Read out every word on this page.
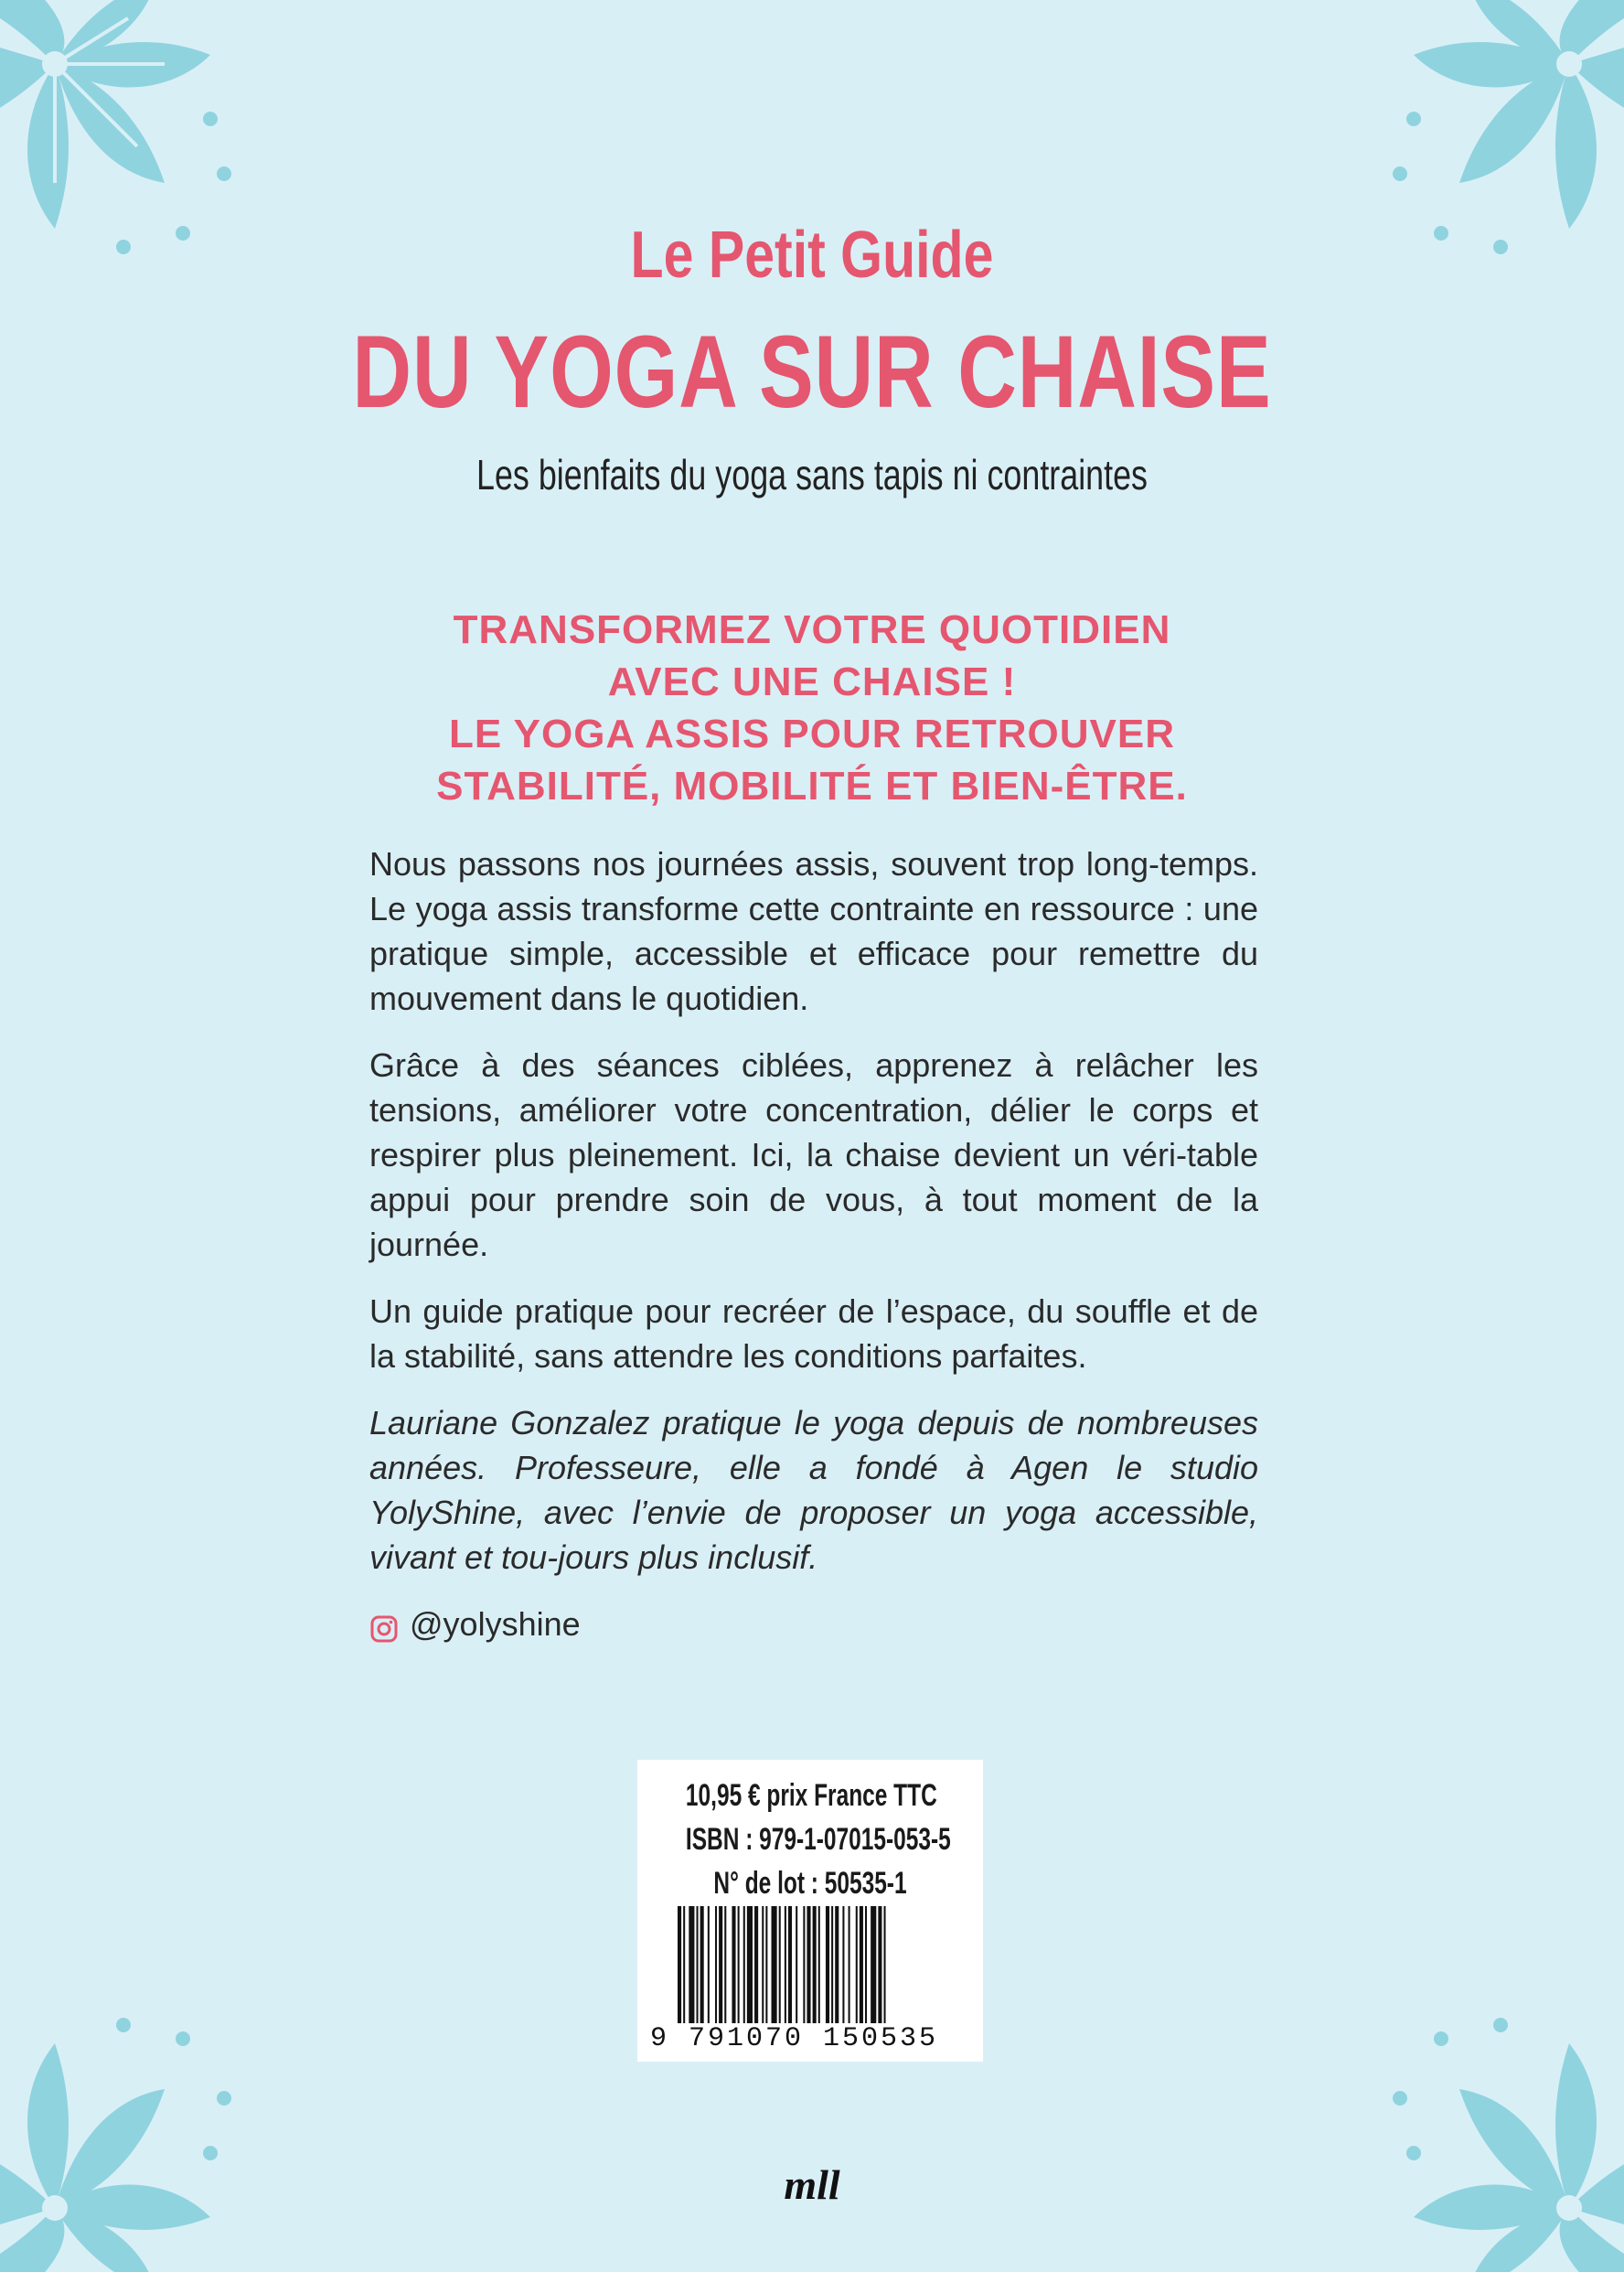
Le Petit Guide
DU YOGA SUR CHAISE
Les bienfaits du yoga sans tapis ni contraintes
TRANSFORMEZ VOTRE QUOTIDIEN
AVEC UNE CHAISE !
LE YOGA ASSIS POUR RETROUVER
STABILITÉ, MOBILITÉ ET BIEN-ÊTRE.

Nous passons nos journées assis, souvent trop long-temps. Le yoga assis transforme cette contrainte en ressource : une pratique simple, accessible et efficace pour remettre du mouvement dans le quotidien.

Grâce à des séances ciblées, apprenez à relâcher les tensions, améliorer votre concentration, délier le corps et respirer plus pleinement. Ici, la chaise devient un véri-table appui pour prendre soin de vous, à tout moment de la journée.

Un guide pratique pour recréer de l’espace, du souffle et de la stabilité, sans attendre les conditions parfaites.

Lauriane Gonzalez pratique le yoga depuis de nombreuses années. Professeure, elle a fondé à Agen le studio YolyShine, avec l’envie de proposer un yoga accessible, vivant et tou-jours plus inclusif.

@yolyshine
10,95 € prix France TTC
ISBN : 979-1-07015-053-5
N° de lot : 50535-1
9 791070 150535
mll
